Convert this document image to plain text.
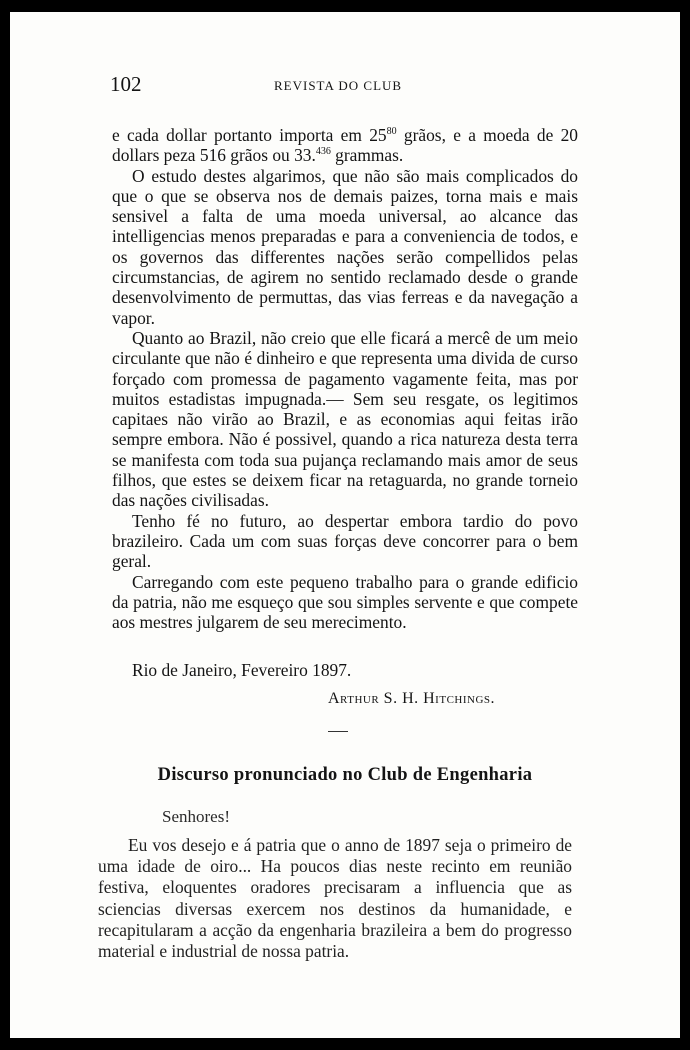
102	REVISTA DO CLUB

e cada dollar portanto importa em $25^{80}$ grãos, e a moeda de 20 dollars peza 516 grãos ou 33.$^{436}$ grammas.

O estudo destes algarimos, que não são mais complicados do que o que se observa nos de demais paizes, torna mais e mais sensivel a falta de uma moeda universal, ao alcance das intelligencias menos preparadas e para a conveniencia de todos, e os governos das differentes nações serão compellidos pelas circumstancias, de agirem no sentido reclamado desde o grande desenvolvimento de permuttas, das vias ferreas e da navegação a vapor.

Quanto ao Brazil, não creio que elle ficará a mercê de um meio circulante que não é dinheiro e que representa uma divida de curso forçado com promessa de pagamento vagamente feita, mas por muitos estadistas impugnada.— Sem seu resgate, os legitimos capitaes não virão ao Brazil, e as economias aqui feitas irão sempre embora. Não é possivel, quando a rica natureza desta terra se manifesta com toda sua pujança reclamando mais amor de seus filhos, que estes se deixem ficar na retaguarda, no grande torneio das nações civilisadas.

Tenho fé no futuro, ao despertar embora tardio do povo brazileiro. Cada um com suas forças deve concorrer para o bem geral.

Carregando com este pequeno trabalho para o grande edificio da patria, não me esqueço que sou simples servente e que compete aos mestres julgarem de seu merecimento.

Rio de Janeiro, Fevereiro 1897.
Arthur S. H. Hitchings.
Discurso pronunciado no Club de Engenharia
Senhores!

Eu vos desejo e á patria que o anno de 1897 seja o primeiro de uma idade de oiro... Ha poucos dias neste recinto em reunião festiva, eloquentes oradores precisaram a influencia que as sciencias diversas exercem nos destinos da humanidade, e recapitularam a acção da engenharia brazileira a bem do progresso material e industrial de nossa patria.
